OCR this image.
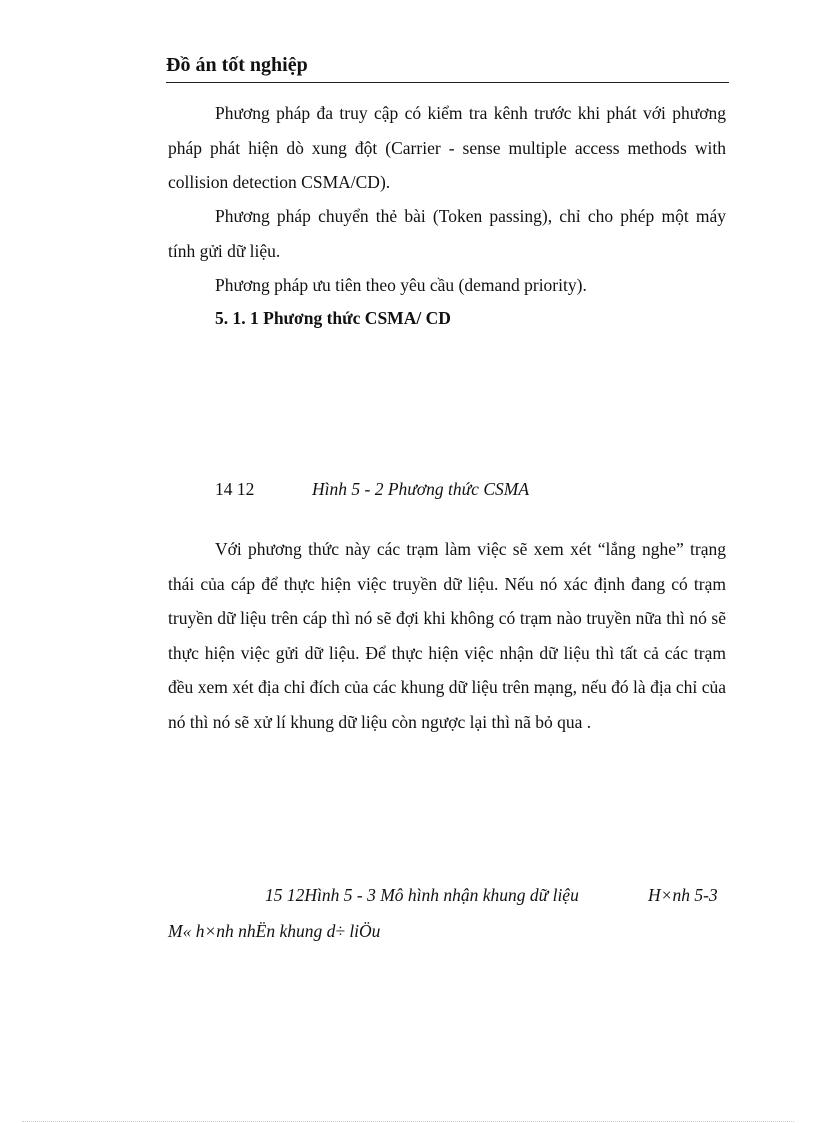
Đồ án tốt nghiệp

Phương pháp đa truy cập có kiểm tra kênh trước khi phát với phương pháp phát hiện dò xung đột (Carrier - sense multiple access methods with collision detection CSMA/CD).

Phương pháp chuyển thẻ bài (Token passing), chỉ cho phép một máy tính gửi dữ liệu.

Phương pháp ưu tiên theo yêu cầu (demand priority).

5. 1. 1 Phương thức CSMA/ CD
14 12	Hình 5 - 2 Phương thức CSMA

Với phương thức này các trạm làm việc sẽ xem xét “lắng nghe” trạng thái của cáp để thực hiện việc truyền dữ liệu. Nếu nó xác định đang có trạm truyền dữ liệu trên cáp thì nó sẽ đợi khi không có trạm nào truyền nữa thì nó sẽ thực hiện việc gửi dữ liệu. Để thực hiện việc nhận dữ liệu thì tất cả các trạm đều xem xét địa chỉ đích của các khung dữ liệu trên mạng, nếu đó là địa chỉ của nó thì nó sẽ xử lí khung dữ liệu còn ngược lại thì nã bỏ qua .

15 12Hình 5 - 3 Mô hình nhận khung dữ liệu	H×nh 5-3
M« h×nh nhËn khung d÷ liÖu
